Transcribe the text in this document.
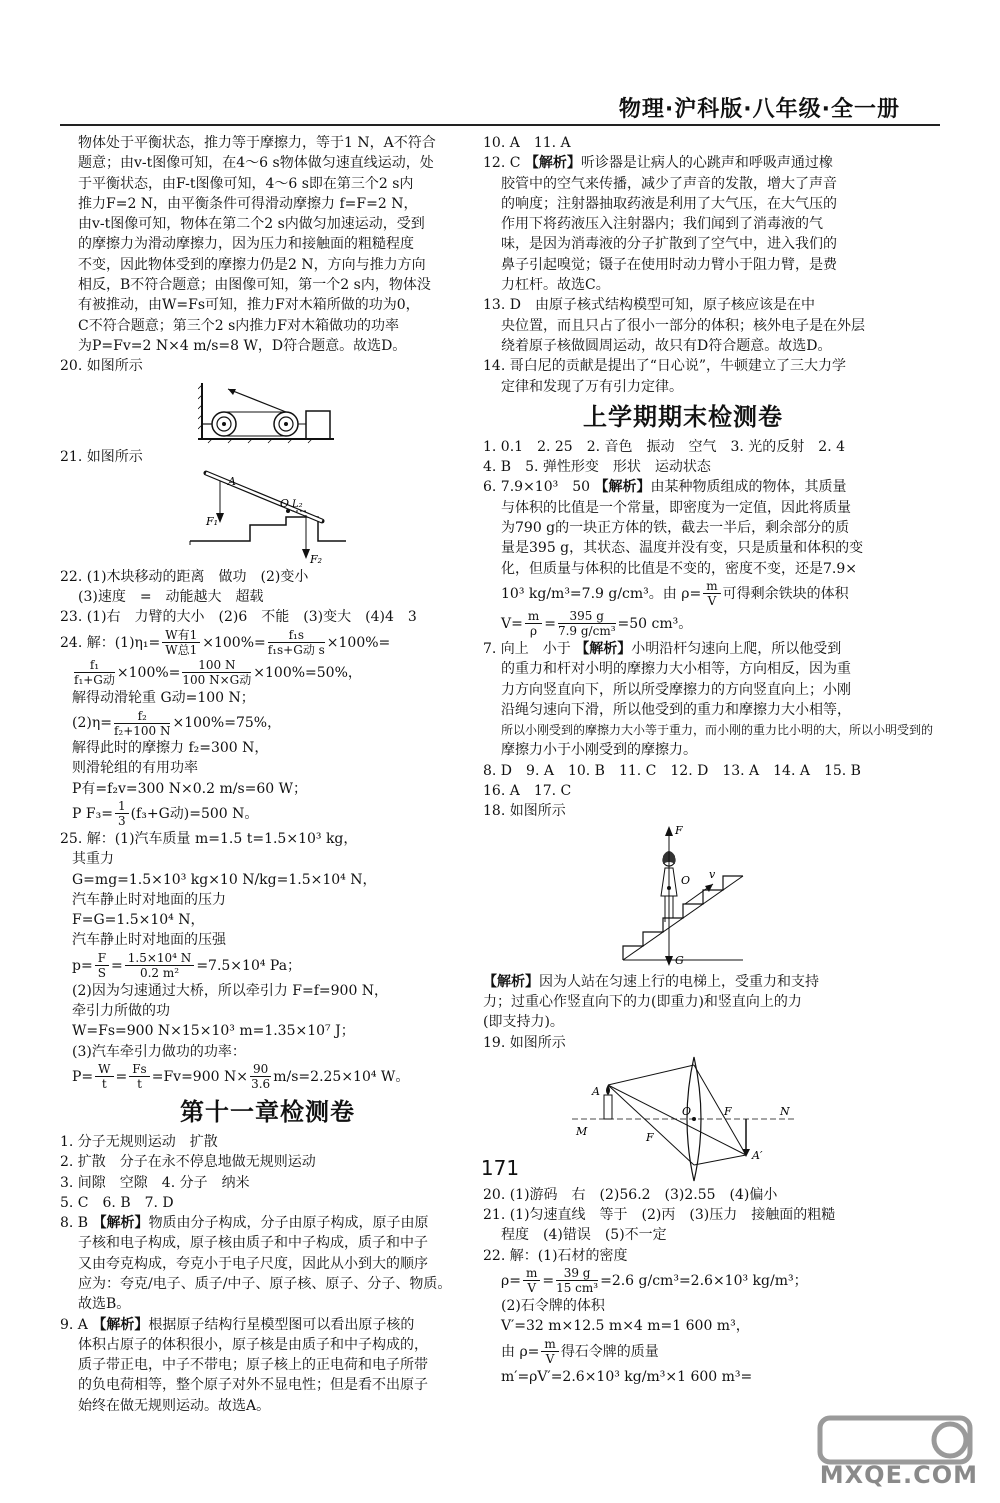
物理·沪科版·八年级·全一册

物体处于平衡状态，推力等于摩擦力，等于1 N，A不符合

题意；由v-t图像可知，在4～6 s物体做匀速直线运动，处

于平衡状态，由F-t图像可知，4～6 s即在第三个2 s内

推力F=2 N，由平衡条件可得滑动摩擦力 f=F=2 N，

由v-t图像可知，物体在第二个2 s内做匀加速运动，受到

的摩擦力为滑动摩擦力，因为压力和接触面的粗糙程度

不变，因此物体受到的摩擦力仍是2 N，方向与推力方向

相反，B不符合题意；由图像可知，第一个2 s内，物体没

有被推动，由W=Fs可知，推力F对木箱所做的功为0，

C不符合题意；第三个2 s内推力F对木箱做功的功率

为P=Fv=2 N×4 m/s=8 W，D符合题意。故选D。

20. 如图所示

21. 如图所示

A
O L₂
F₁
F₂

22. (1)木块移动的距离　做功　(2)变小

(3)速度　=　动能越大　超载

23. (1)右　力臂的大小　(2)6　不能　(3)变大　(4)4　3

24. 解：$(1)\eta_1= \frac{\text{W有1}}{\text{W总1}} \times 100\%= \frac{\text{f₁s}}{\text{f₁s+G动 s}} \times 100\%=$

$\frac{\text{f₁}}{\text{f₁+G动}} \times 100\%= \frac{100 N}{\text{100 N×G动}} \times 100\%=50\%$，

解得动滑轮重 G动=100 N；

$(2)\eta= \frac{\text{f₂}}{\text{f₂+100 N}} \times 100\%=75\%$，

解得此时的摩擦力 f₂=300 N，

则滑轮组的有用功率

P有=f₂v=300 N×0.2 m/s=60 W；

P $F_3= \frac{1}{3} (f_3+G$动)=500 N。

25. 解：(1)汽车质量 m=1.5 t=1.5×10³ kg，

其重力

G=mg=1.5×10³ kg×10 N/kg=1.5×10⁴ N，

汽车静止时对地面的压力

F=G=1.5×10⁴ N，

汽车静止时对地面的压强

$p= \frac{F}{S} = \frac{\text{1.5×10⁴ N}}{\text{0.2 m²}} =7.5\times 10^4$ Pa；

(2)因为匀速通过大桥，所以牵引力 F=f=900 N，

牵引力所做的功

W=Fs=900 N×15×10³ m=1.35×10⁷ J；

(3)汽车牵引力做功的功率：

$P= \frac{W}{t} = \frac{Fs}{t} =Fv=900$ $N\times \frac{90}{3.6} m/s=2.25\times 10^4$ W。

第十一章检测卷

1. 分子无规则运动　扩散

2. 扩散　分子在永不停息地做无规则运动

3. 间隙　空隙　4. 分子　纳米

5. C　6. B　7. D

8. B 【解析】物质由分子构成，分子由原子构成，原子由原

子核和电子构成，原子核由质子和中子构成，质子和中子

又由夸克构成，夸克小于电子尺度，因此从小到大的顺序

应为：夸克/电子、质子/中子、原子核、原子、分子、物质。

故选B。

9. A 【解析】根据原子结构行星模型图可以看出原子核的

体积占原子的体积很小，原子核是由质子和中子构成的，

质子带正电，中子不带电；原子核上的正电荷和电子所带

的负电荷相等，整个原子对外不显电性；但是看不出原子

始终在做无规则运动。故选A。

10. A　11. A

12. C 【解析】听诊器是让病人的心跳声和呼吸声通过橡

胶管中的空气来传播，减少了声音的发散，增大了声音

的响度；注射器抽取药液是利用了大气压，在大气压的

作用下将药液压入注射器内；我们闻到了消毒液的气

味，是因为消毒液的分子扩散到了空气中，进入我们的

鼻子引起嗅觉；镊子在使用时动力臂小于阻力臂，是费

力杠杆。故选C。

13. D　由原子核式结构模型可知，原子核应该是在中

央位置，而且只占了很小一部分的体积；核外电子是在外层

绕着原子核做圆周运动，故只有D符合题意。故选D。

14. 哥白尼的贡献是提出了“日心说”，牛顿建立了三大力学

定律和发现了万有引力定律。

上学期期末检测卷

1. 0.1　2. 25　2. 音色　振动　空气　3. 光的反射　2. 4

4. B　5. 弹性形变　形状　运动状态

6. 7.9×10³　50 【解析】由某种物质组成的物体，其质量

与体积的比值是一个常量，即密度为一定值，因此将质量

为790 g的一块正方体的铁，截去一半后，剩余部分的质

量是395 g，其状态、温度并没有变，只是质量和体积的变

化，但质量与体积的比值是不变的，密度不变，还是7.9×

10³ kg/m³=7.9 g/cm³。由 $\rho= \frac{m}{V}$ 可得剩余铁块的体积

$V= \frac{m}{\rho} = \frac{395 g}{\text{7.9 g/cm³}} =50$ cm³。

7. 向上　小于 【解析】小明沿杆匀速向上爬，所以他受到

的重力和杆对小明的摩擦力大小相等，方向相反，因为重

力方向竖直向下，所以所受摩擦力的方向竖直向上；小刚

沿绳匀速向下滑，所以他受到的重力和摩擦力大小相等，

所以小刚受到的摩擦力大小等于重力，而小刚的重力比小明的大，所以小明受到的

摩擦力小于小刚受到的摩擦力。

8. D　9. A　10. B　11. C　12. D　13. A　14. A　15. B

16. A　17. C

18. 如图所示

F
O v
G

【解析】因为人站在匀速上行的电梯上，受重力和支持

力；过重心作竖直向下的力(即重力)和竖直向上的力

(即支持力)。

19. 如图所示

A
O
F
F
M
N
A′

20. (1)游码　右　(2)56.2　(3)2.55　(4)偏小

21. (1)匀速直线　等于　(2)丙　(3)压力　接触面的粗糙

程度　(4)错误　(5)不一定

22. 解：(1)石材的密度

$\rho= \frac{m}{V} = \frac{39 g}{\text{15 cm³}} =2.6$ g/cm³=2.6×10³ kg/m³；

(2)石令牌的体积

V′=32 m×12.5 m×4 m=1 600 m³，

由 $\rho= \frac{m}{V}$ 得石令牌的质量

m′=ρV′=2.6×10³ kg/m³×1 600 m³=

171
MXQE.COM
